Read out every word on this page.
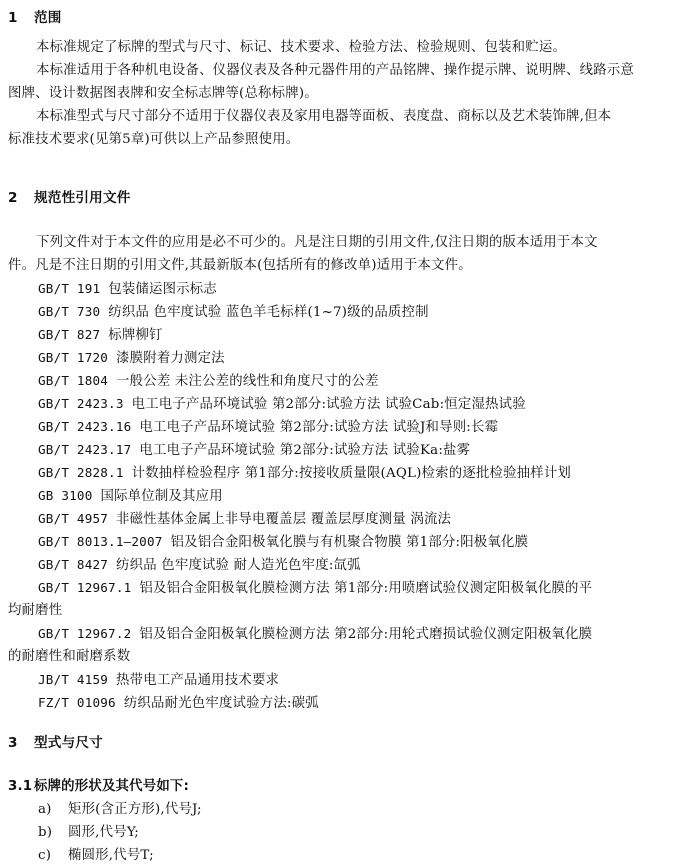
1 范围
本标准规定了标牌的型式与尺寸、标记、技术要求、检验方法、检验规则、包装和贮运。
本标准适用于各种机电设备、仪器仪表及各种元器件用的产品铭牌、操作提示牌、说明牌、线路示意
图牌、设计数据图表牌和安全标志牌等(总称标牌)。
本标准型式与尺寸部分不适用于仪器仪表及家用电器等面板、表度盘、商标以及艺术装饰牌,但本
标准技术要求(见第5章)可供以上产品参照使用。
2 规范性引用文件
下列文件对于本文件的应用是必不可少的。凡是注日期的引用文件,仅注日期的版本适用于本文
件。凡是不注日期的引用文件,其最新版本(包括所有的修改单)适用于本文件。
GB/T 191 包装储运图示标志
GB/T 730 纺织品 色牢度试验 蓝色羊毛标样(1~7)级的品质控制
GB/T 827 标牌柳钉
GB/T 1720 漆膜附着力测定法
GB/T 1804 一般公差 未注公差的线性和角度尺寸的公差
GB/T 2423.3 电工电子产品环境试验 第2部分:试验方法 试验Cab:恒定湿热试验
GB/T 2423.16 电工电子产品环境试验 第2部分:试验方法 试验J和导则:长霉
GB/T 2423.17 电工电子产品环境试验 第2部分:试验方法 试验Ka:盐雾
GB/T 2828.1 计数抽样检验程序 第1部分:按接收质量限(AQL)检索的逐批检验抽样计划
GB 3100 国际单位制及其应用
GB/T 4957 非磁性基体金属上非导电覆盖层 覆盖层厚度测量 涡流法
GB/T 8013.1—2007 铝及铝合金阳极氧化膜与有机聚合物膜 第1部分:阳极氧化膜
GB/T 8427 纺织品 色牢度试验 耐人造光色牢度:氙弧
GB/T 12967.1 铝及铝合金阳极氧化膜检测方法 第1部分:用喷磨试验仪测定阳极氧化膜的平
均耐磨性
GB/T 12967.2 铝及铝合金阳极氧化膜检测方法 第2部分:用轮式磨损试验仪测定阳极氧化膜
的耐磨性和耐磨系数
JB/T 4159 热带电工产品通用技术要求
FZ/T 01096 纺织品耐光色牢度试验方法:碳弧
3 型式与尺寸
3.1 标牌的形状及其代号如下:
a) 矩形(含正方形),代号J;
b) 圆形,代号Y;
c) 椭圆形,代号T;
